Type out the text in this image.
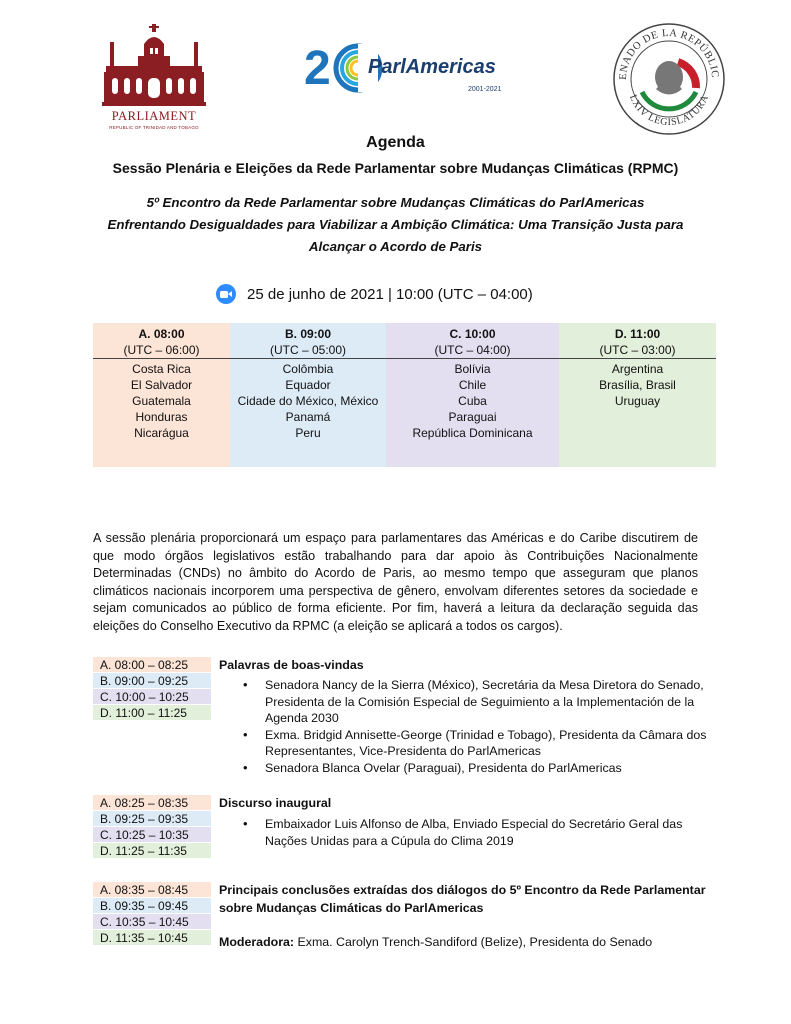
PARLIAMENT
REPUBLIC OF TRINIDAD AND TOBAGO
2 ParlAmericas
2001-2021
ENADO DE LA REPÚBLIC
LXIV LEGISLATURA
Agenda
Sessão Plenária e Eleições da Rede Parlamentar sobre Mudanças Climáticas (RPMC)
5º Encontro da Rede Parlamentar sobre Mudanças Climáticas do ParlAmericas
Enfrentando Desigualdades para Viabilizar a Ambição Climática: Uma Transição Justa para
Alcançar o Acordo de Paris
25 de junho de 2021 | 10:00 (UTC – 04:00)
A. 08:00
(UTC – 06:00)
Costa Rica
El Salvador
Guatemala
Honduras
Nicarágua
B. 09:00
(UTC – 05:00)
Colômbia
Equador
Cidade do México, México
Panamá
Peru
C. 10:00
(UTC – 04:00)
Bolívia
Chile
Cuba
Paraguai
República Dominicana
D. 11:00
(UTC – 03:00)
Argentina
Brasília, Brasil
Uruguay
A sessão plenária proporcionará um espaço para parlamentares das Américas e do Caribe discutirem de que modo órgãos legislativos estão trabalhando para dar apoio às Contribuições Nacionalmente Determinadas (CNDs) no âmbito do Acordo de Paris, ao mesmo tempo que asseguram que planos climáticos nacionais incorporem uma perspectiva de gênero, envolvam diferentes setores da sociedade e sejam comunicados ao público de forma eficiente. Por fim, haverá a leitura da declaração seguida das eleições do Conselho Executivo da RPMC (a eleição se aplicará a todos os cargos).
A. 08:00 – 08:25
B. 09:00 – 09:25
C. 10:00 – 10:25
D. 11:00 – 11:25
Palavras de boas-vindas
• Senadora Nancy de la Sierra (México), Secretária da Mesa Diretora do Senado, Presidenta de la Comisión Especial de Seguimiento a la Implementación de la Agenda 2030
• Exma. Bridgid Annisette-George (Trinidad e Tobago), Presidenta da Câmara dos Representantes, Vice-Presidenta do ParlAmericas
• Senadora Blanca Ovelar (Paraguai), Presidenta do ParlAmericas
A. 08:25 – 08:35
B. 09:25 – 09:35
C. 10:25 – 10:35
D. 11:25 – 11:35
Discurso inaugural
• Embaixador Luis Alfonso de Alba, Enviado Especial do Secretário Geral das Nações Unidas para a Cúpula do Clima 2019
A. 08:35 – 08:45
B. 09:35 – 09:45
C. 10:35 – 10:45
D. 11:35 – 10:45
Principais conclusões extraídas dos diálogos do 5º Encontro da Rede Parlamentar
sobre Mudanças Climáticas do ParlAmericas
Moderadora: Exma. Carolyn Trench-Sandiford (Belize), Presidenta do Senado
